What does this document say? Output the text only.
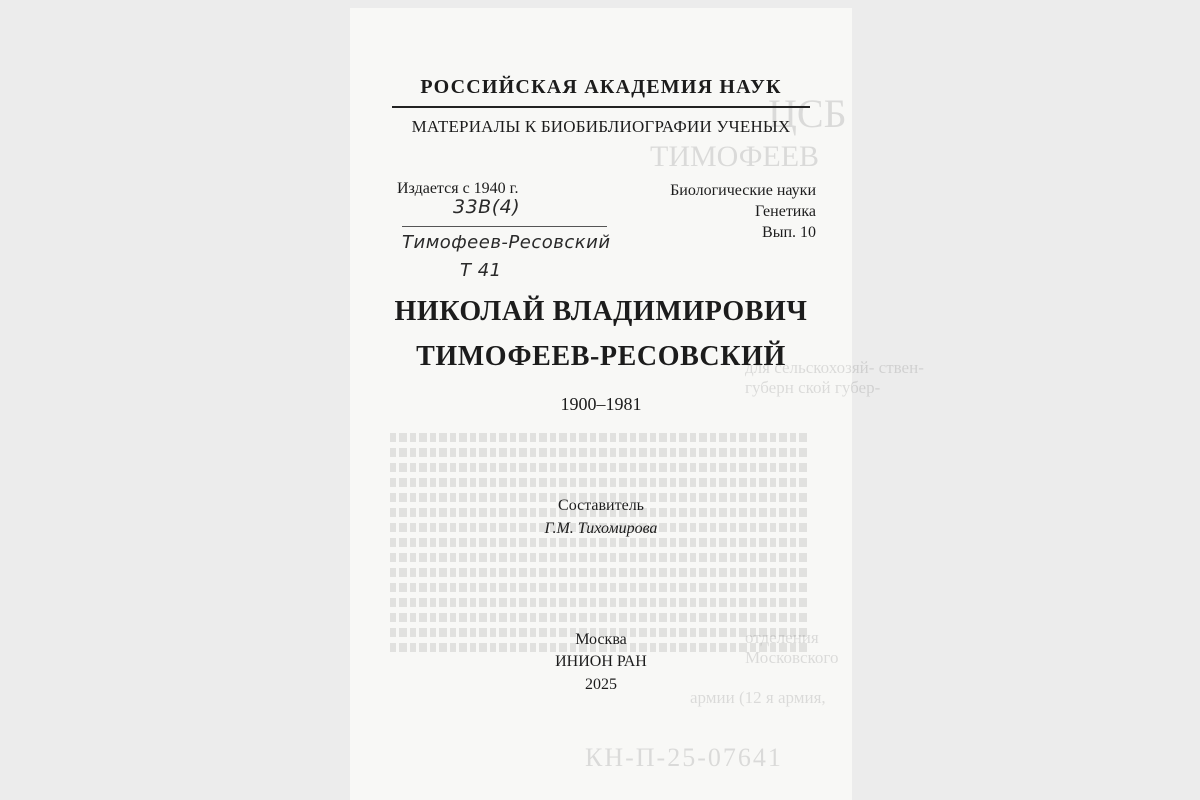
ЦСБ
ТИМОФЕЕВ
для сельскохозяй- ствен-
губерн ской губер-
отделения
Московского
армии (12 я армия,
КН-П-25-07641
РОССИЙСКАЯ АКАДЕМИЯ НАУК
МАТЕРИАЛЫ К БИОБИБЛИОГРАФИИ УЧЕНЫХ
Издается с 1940 г.	Биологические науки
Генетика
Вып. 10
33В(4)
Тимофеев-Ресовский
Т 41
НИКОЛАЙ ВЛАДИМИРОВИЧ
ТИМОФЕЕВ-РЕСОВСКИЙ
1900–1981
Составитель
Г.М. Тихомирова
Москва
ИНИОН РАН
2025
